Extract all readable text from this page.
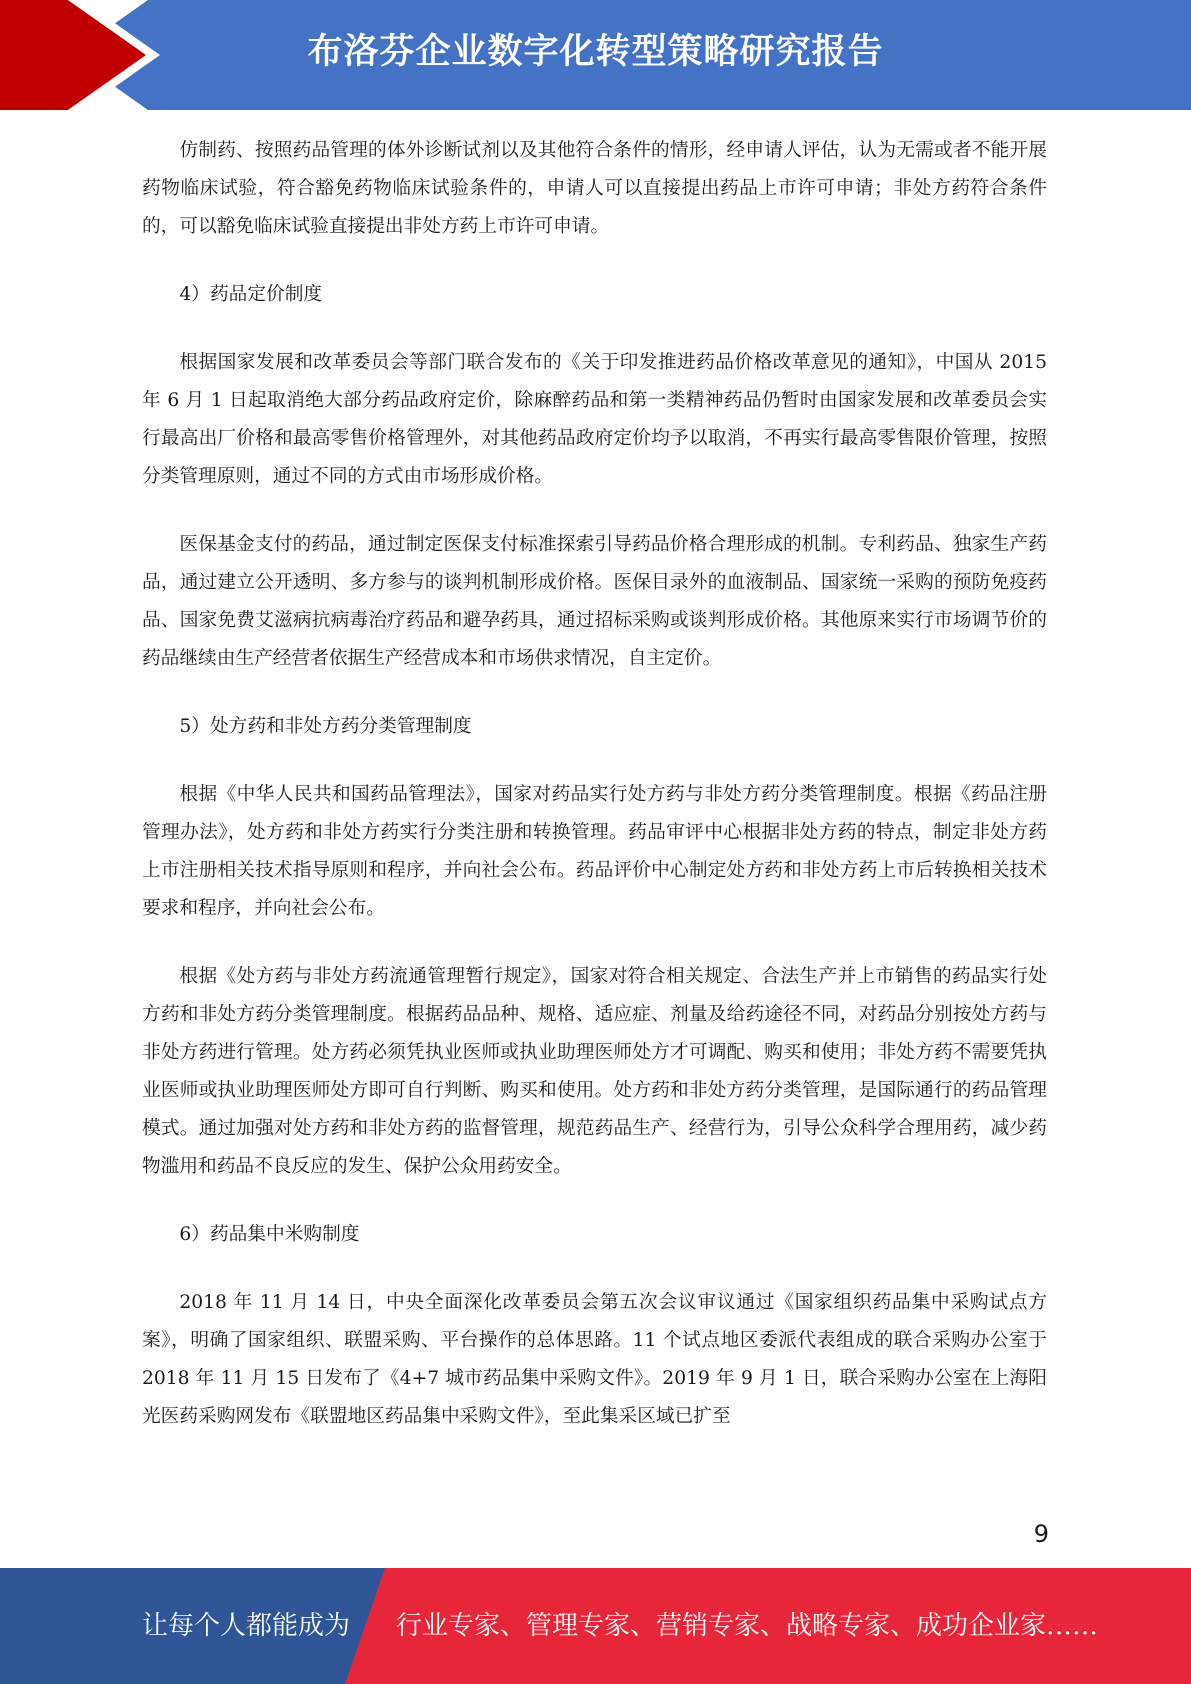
布洛芬企业数字化转型策略研究报告

仿制药、按照药品管理的体外诊断试剂以及其他符合条件的情形，经申请人评估，认为无需或者不能开展药物临床试验，符合豁免药物临床试验条件的，申请人可以直接提出药品上市许可申请；非处方药符合条件的，可以豁免临床试验直接提出非处方药上市许可申请。

4）药品定价制度

根据国家发展和改革委员会等部门联合发布的《关于印发推进药品价格改革意见的通知》，中国从 2015 年 6 月 1 日起取消绝大部分药品政府定价，除麻醉药品和第一类精神药品仍暂时由国家发展和改革委员会实行最高出厂价格和最高零售价格管理外，对其他药品政府定价均予以取消，不再实行最高零售限价管理，按照分类管理原则，通过不同的方式由市场形成价格。

医保基金支付的药品，通过制定医保支付标准探索引导药品价格合理形成的机制。专利药品、独家生产药品，通过建立公开透明、多方参与的谈判机制形成价格。医保目录外的血液制品、国家统一采购的预防免疫药品、国家免费艾滋病抗病毒治疗药品和避孕药具，通过招标采购或谈判形成价格。其他原来实行市场调节价的药品继续由生产经营者依据生产经营成本和市场供求情况，自主定价。

5）处方药和非处方药分类管理制度

根据《中华人民共和国药品管理法》，国家对药品实行处方药与非处方药分类管理制度。根据《药品注册管理办法》，处方药和非处方药实行分类注册和转换管理。药品审评中心根据非处方药的特点，制定非处方药上市注册相关技术指导原则和程序，并向社会公布。药品评价中心制定处方药和非处方药上市后转换相关技术要求和程序，并向社会公布。

根据《处方药与非处方药流通管理暂行规定》，国家对符合相关规定、合法生产并上市销售的药品实行处方药和非处方药分类管理制度。根据药品品种、规格、适应症、剂量及给药途径不同，对药品分别按处方药与非处方药进行管理。处方药必须凭执业医师或执业助理医师处方才可调配、购买和使用；非处方药不需要凭执业医师或执业助理医师处方即可自行判断、购买和使用。处方药和非处方药分类管理，是国际通行的药品管理模式。通过加强对处方药和非处方药的监督管理，规范药品生产、经营行为，引导公众科学合理用药，减少药物滥用和药品不良反应的发生、保护公众用药安全。

6）药品集中米购制度

2018 年 11 月 14 日，中央全面深化改革委员会第五次会议审议通过《国家组织药品集中采购试点方案》，明确了国家组织、联盟采购、平台操作的总体思路。11 个试点地区委派代表组成的联合采购办公室于 2018 年 11 月 15 日发布了《4+7 城市药品集中采购文件》。2019 年 9 月 1 日，联合采购办公室在上海阳光医药采购网发布《联盟地区药品集中采购文件》，至此集采区域已扩至

9
让每个人都能成为 行业专家、管理专家、营销专家、战略专家、成功企业家……
